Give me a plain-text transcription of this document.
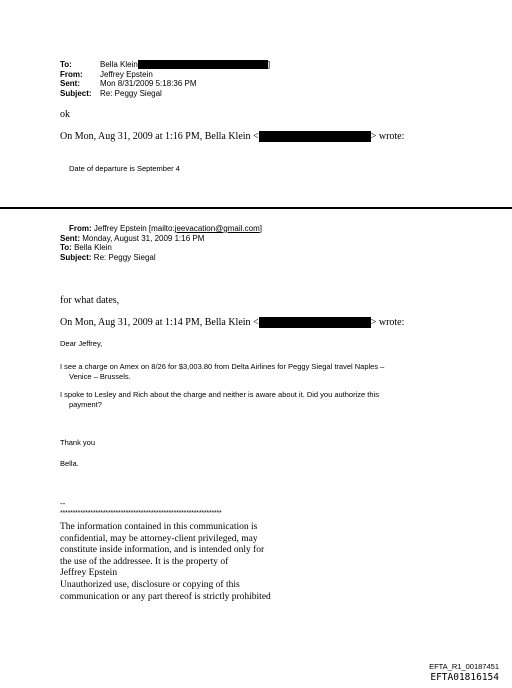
To:	Bella Klein	]
From: Jeffrey Epstein
Sent:	Mon 8/31/2009 5:18:36 PM
Subject: Re: Peggy Siegal
ok
On Mon, Aug 31, 2009 at 1:16 PM, Bella Klein <	> wrote:
Date of departure is September 4
From: Jeffrey Epstein [mailto:jeevacation@gmail.com]
Sent: Monday, August 31, 2009 1:16 PM
To: Bella Klein
Subject: Re: Peggy Siegal
for what dates,
On Mon, Aug 31, 2009 at 1:14 PM, Bella Klein <	> wrote:
Dear Jeffrey,
I see a charge on Amex on 8/26 for $3,003.80 from Delta Airlines for Peggy Siegal travel Naples –
Venice – Brussels.
I spoke to Lesley and Rich about the charge and neither is aware about it. Did you authorize this
payment?
Thank you
Bella.
--
****************************************************************
The information contained in this communication is
confidential, may be attorney-client privileged, may
constitute inside information, and is intended only for
the use of the addressee. It is the property of
Jeffrey Epstein
Unauthorized use, disclosure or copying of this
communication or any part thereof is strictly prohibited
EFTA_R1_00187451
EFTA01816154
